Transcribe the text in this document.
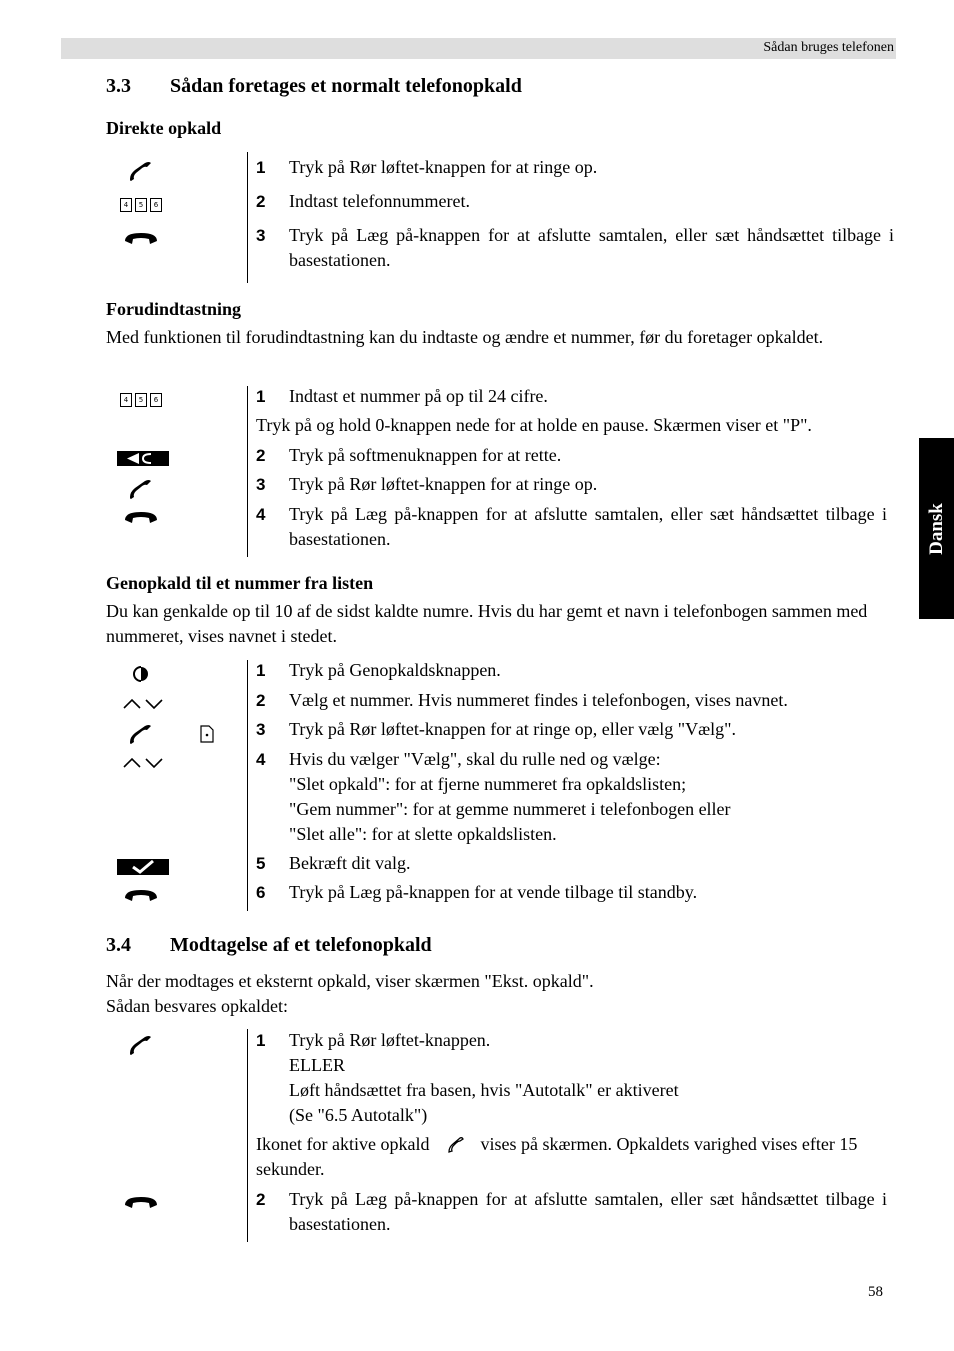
Sådan bruges telefonen
Dansk
3.3 Sådan foretages et normalt telefonopkald
Direkte opkald
4	5	6
1 Tryk på Rør løftet-knappen for at ringe op.
2 Indtast telefonnummeret.
3 Tryk på Læg på-knappen for at afslutte samtalen, eller sæt håndsættet tilbage i basestationen.
Forudindtastning
Med funktionen til forudindtastning kan du indtaste og ændre et nummer, før du foretager opkaldet.
4	5	6	1 Indtast et nummer på op til 24 cifre.
Tryk på og hold 0-knappen nede for at holde en pause. Skærmen viser et "P".
2 Tryk på softmenuknappen for at rette.
3 Tryk på Rør løftet-knappen for at ringe op.
4 Tryk på Læg på-knappen for at afslutte samtalen, eller sæt håndsættet tilbage i basestationen.
Genopkald til et nummer fra listen
Du kan genkalde op til 10 af de sidst kaldte numre. Hvis du har gemt et navn i telefonbogen sammen med nummeret, vises navnet i stedet.
1 Tryk på Genopkaldsknappen.
2 Vælg et nummer. Hvis nummeret findes i telefonbogen, vises navnet.
3 Tryk på Rør løftet-knappen for at ringe op, eller vælg "Vælg".
4 Hvis du vælger "Vælg", skal du rulle ned og vælge:
"Slet opkald": for at fjerne nummeret fra opkaldslisten;
"Gem nummer": for at gemme nummeret i telefonbogen eller
"Slet alle": for at slette opkaldslisten.
5 Bekræft dit valg.
6 Tryk på Læg på-knappen for at vende tilbage til standby.
3.4 Modtagelse af et telefonopkald
Når der modtages et eksternt opkald, viser skærmen "Ekst. opkald".
Sådan besvares opkaldet:
1 Tryk på Rør løftet-knappen.
ELLER
Løft håndsættet fra basen, hvis "Autotalk" er aktiveret
(Se "6.5 Autotalk")
Ikonet for aktive opkald	vises på skærmen. Opkaldets varighed vises efter 15 sekunder.
2 Tryk på Læg på-knappen for at afslutte samtalen, eller sæt håndsættet tilbage i basestationen.
58
